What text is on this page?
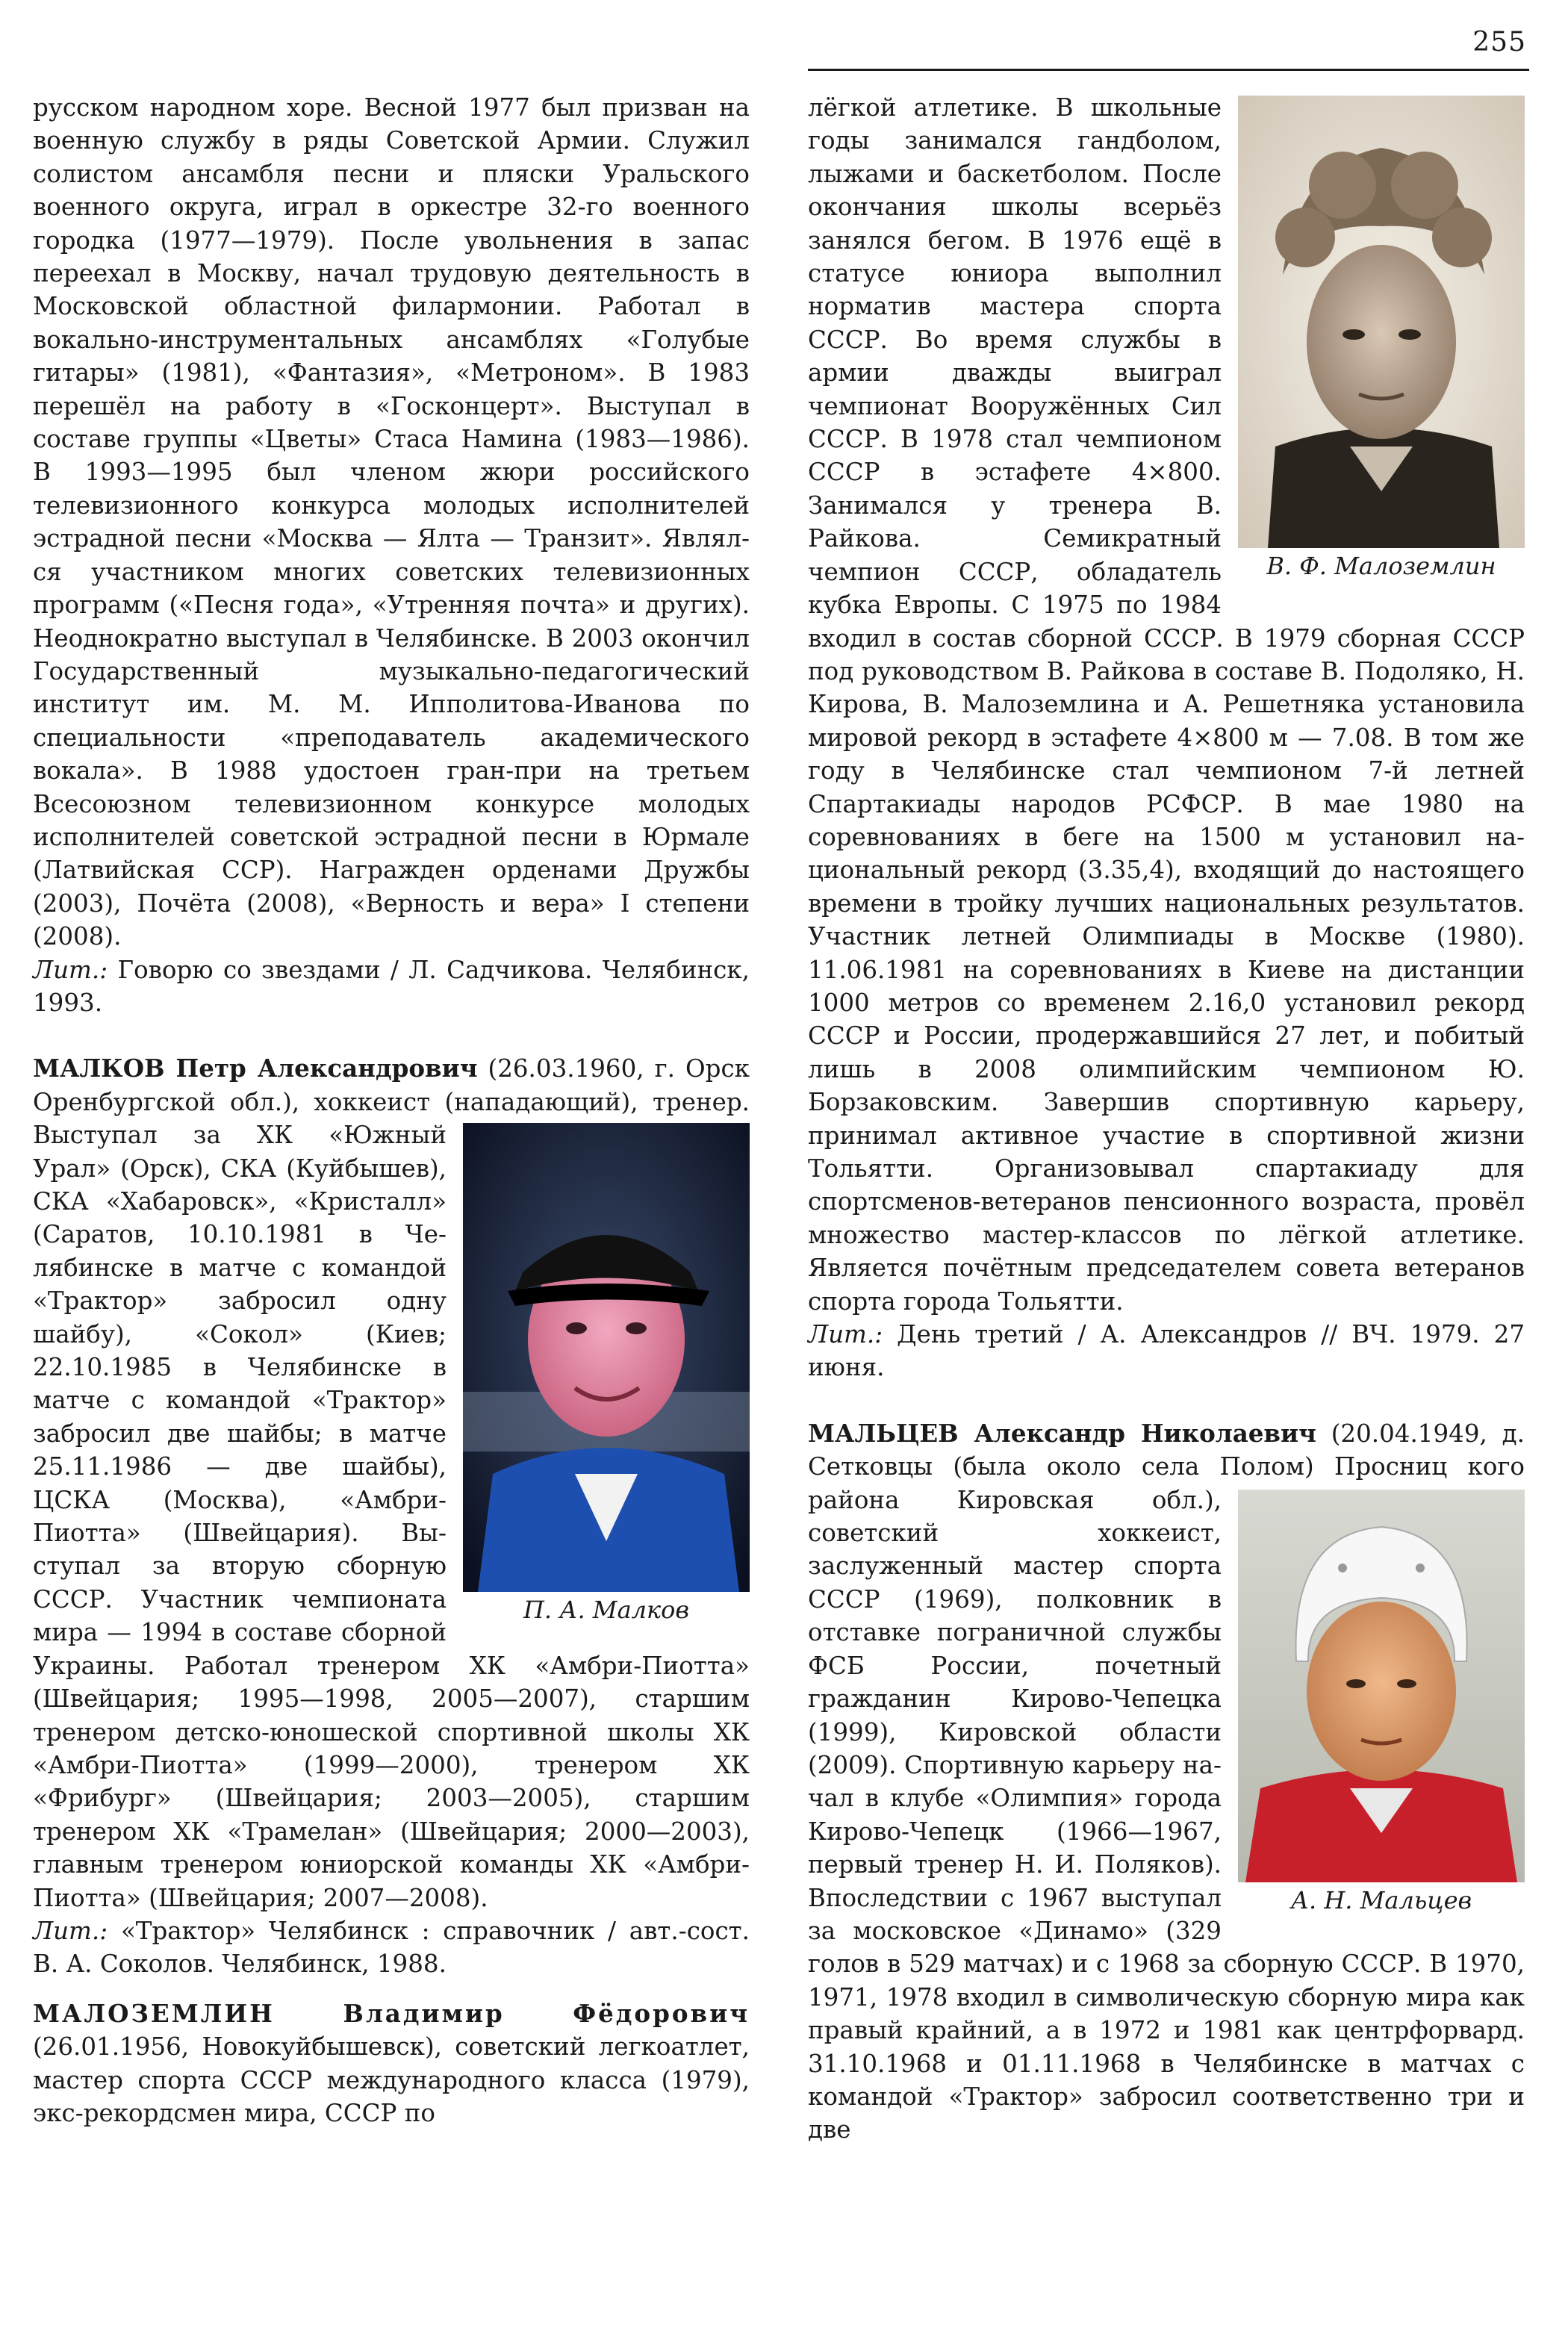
255

русском народном хоре. Весной 1977 был призван на военную службу в ряды Советской Армии. Служил солистом ансамбля песни и пляски Уральского военного округа, играл в оркестре 32-го военного городка (1977—1979). После увольнения в запас переехал в Москву, начал трудовую деятельность в Московской областной филармонии. Работал в вокально-инструментальных ансамблях «Голубые гитары» (1981), «Фантазия», «Метроном». В 1983 перешёл на работу в «Госконцерт». Выступал в составе группы «Цветы» Стаса Намина (1983—1986). В 1993—1995 был членом жюри российского телевизионного конкурса молодых исполнителей эстрадной песни «Москва — Ялта — Транзит». Являлся участником многих советских телевизионных программ («Песня года», «Утренняя почта» и других). Неоднократно выступал в Челябинске. В 2003 окончил Государственный музыкально-педагогический институт им. М. М. Ипполитова-Иванова по специальности «преподаватель академического вокала». В 1988 удостоен гран-при на третьем Всесоюзном телевизионном конкурсе молодых исполнителей советской эстрадной песни в Юрмале (Латвийская ССР). Награжден орденами Дружбы (2003), Почёта (2008), «Верность и вера» I степени (2008).

Лит.: Говорю со звездами / Л. Садчикова. Челябинск, 1993.

МАЛКОВ Петр Александрович (26.03.1960, г. Орск Оренбургской обл.), хоккеист (нападающий), тренер.
П. А. Малков
Выступал за ХК «Южный Урал» (Орск), СКА (Куйбышев), СКА «Хабаровск», «Кристалл» (Саратов, 10.10.1981 в Челябинске в матче с командой «Трактор» забросил одну шайбу), «Сокол» (Киев; 22.10.1985 в Челябинске в матче с командой «Трактор» забросил две шайбы; в матче 25.11.1986 — две шайбы), ЦСКА (Москва), «Амбри-Пиотта» (Швейцария). Выступал за вторую сборную СССР. Участник чемпионата мира — 1994 в составе сборной Украины. Работал тренером ХК «Амбри-Пиотта» (Швейцария; 1995—1998, 2005—2007), старшим тренером детско-юношеской спортивной школы ХК «Амбри-Пиотта» (1999—2000), тренером ХК «Фрибург» (Швейцария; 2003—2005), старшим тренером ХК «Трамелан» (Швейцария; 2000—2003), главным тренером юниорской команды ХК «Амбри-Пиотта» (Швейцария; 2007—2008).

Лит.: «Трактор» Челябинск : справочник / авт.-сост. В. А. Соколов. Челябинск, 1988.

МАЛОЗЕМЛИН Владимир Фёдорович (26.01.1956, Новокуйбышевск), советский легкоатлет, мастер спорта СССР международного класса (1979), экс-рекордсмен мира, СССР по

В. Ф. Малоземлин

лёгкой атлетике. В школьные годы занимался гандболом, лыжами и баскетболом. После окончания школы всерьёз занялся бегом. В 1976 ещё в статусе юниора выполнил норматив мастера спорта СССР. Во время службы в армии дважды выиграл чемпионат Вооружённых Сил СССР. В 1978 стал чемпионом СССР в эстафете 4×800. Занимался у тренера В. Райкова. Семикратный чемпион СССР, обладатель кубка Европы. С 1975 по 1984 входил в состав сборной СССР. В 1979 сборная СССР под руководством В. Райкова в составе В. Подоляко, Н. Кирова, В. Малоземлина и А. Решетняка установила мировой рекорд в эстафете 4×800 м — 7.08. В том же году в Челябинске стал чемпионом 7-й летней Спартакиады народов РСФСР. В мае 1980 на соревнованиях в беге на 1500 м установил национальный рекорд (3.35,4), входящий до настоящего времени в тройку лучших национальных результатов. Участник летней Олимпиады в Москве (1980). 11.06.1981 на соревнованиях в Киеве на дистанции 1000 метров со временем 2.16,0 установил рекорд СССР и России, продержавшийся 27 лет, и побитый лишь в 2008 олимпийским чемпионом Ю. Борзаковским. Завершив спортивную карьеру, принимал активное участие в спортивной жизни Тольятти. Организовывал спартакиаду для спортсменов-ветеранов пенсионного возраста, провёл множество мастер-классов по лёгкой атлетике. Является почётным председателем совета ветеранов спорта города Тольятти.

Лит.: День третий / А. Александров // ВЧ. 1979. 27 июня.

МАЛЬЦЕВ Александр Николаевич (20.04.1949, д. Сетковцы (была около села Полом) Просниц
А. Н. Мальцев
кого района Кировская обл.), советский хоккеист, заслуженный мастер спорта СССР (1969), полковник в отставке пограничной службы ФСБ России, почетный гражданин Кирово-Чепецка (1999), Кировской области (2009). Спортивную карьеру начал в клубе «Олимпия» города Кирово-Чепецк (1966—1967, первый тренер Н. И. Поляков). Впоследствии с 1967 выступал за московское «Динамо» (329 голов в 529 матчах) и с 1968 за сборную СССР. В 1970, 1971, 1978 входил в символическую сборную мира как правый крайний, а в 1972 и 1981 как центрфорвард. 31.10.1968 и 01.11.1968 в Челябинске в матчах с командой «Трактор» забросил соответственно три и две
